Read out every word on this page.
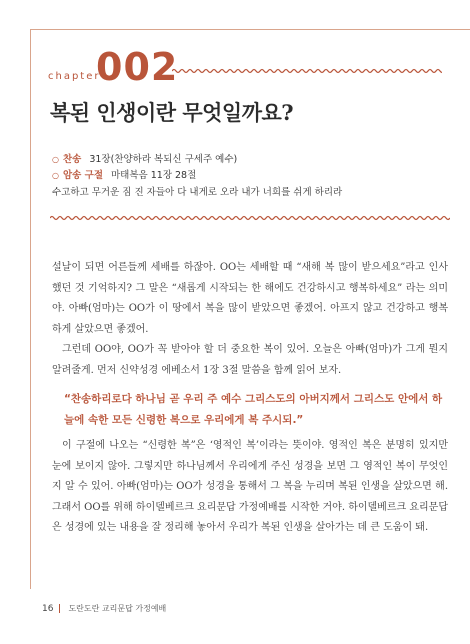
chapter
002
복된 인생이란 무엇일까요?
○ 찬송 31장(찬양하라 복되신 구세주 예수)
○ 암송 구절 마태복음 11장 28절
수고하고 무거운 짐 진 자들아 다 내게로 오라 내가 너희를 쉬게 하리라

설날이 되면 어른들께 세배를 하잖아. OO는 세배할 때 “새해 복 많이 받으세요”라고 인사했던 것 기억하지? 그 말은 “새롭게 시작되는 한 해에도 건강하시고 행복하세요” 라는 의미야. 아빠(엄마)는 OO가 이 땅에서 복을 많이 받았으면 좋겠어. 아프지 않고 건강하고 행복하게 살았으면 좋겠어.

그런데 OO야, OO가 꼭 받아야 할 더 중요한 복이 있어. 오늘은 아빠(엄마)가 그게 뭔지 알려줄게. 먼저 신약성경 에베소서 1장 3절 말씀을 함께 읽어 보자.

“찬송하리로다 하나님 곧 우리 주 예수 그리스도의 아버지께서 그리스도 안에서 하늘에 속한 모든 신령한 복으로 우리에게 복 주시되.”

이 구절에 나오는 “신령한 복”은 ‘영적인 복’이라는 뜻이야. 영적인 복은 분명히 있지만 눈에 보이지 않아. 그렇지만 하나님께서 우리에게 주신 성경을 보면 그 영적인 복이 무엇인지 알 수 있어. 아빠(엄마)는 OO가 성경을 통해서 그 복을 누리며 복된 인생을 살았으면 해. 그래서 OO를 위해 하이델베르크 요리문답 가정예배를 시작한 거야. 하이델베르크 요리문답은 성경에 있는 내용을 잘 정리해 놓아서 우리가 복된 인생을 살아가는 데 큰 도움이 돼.

16 도란도란 교리문답 가정예배
